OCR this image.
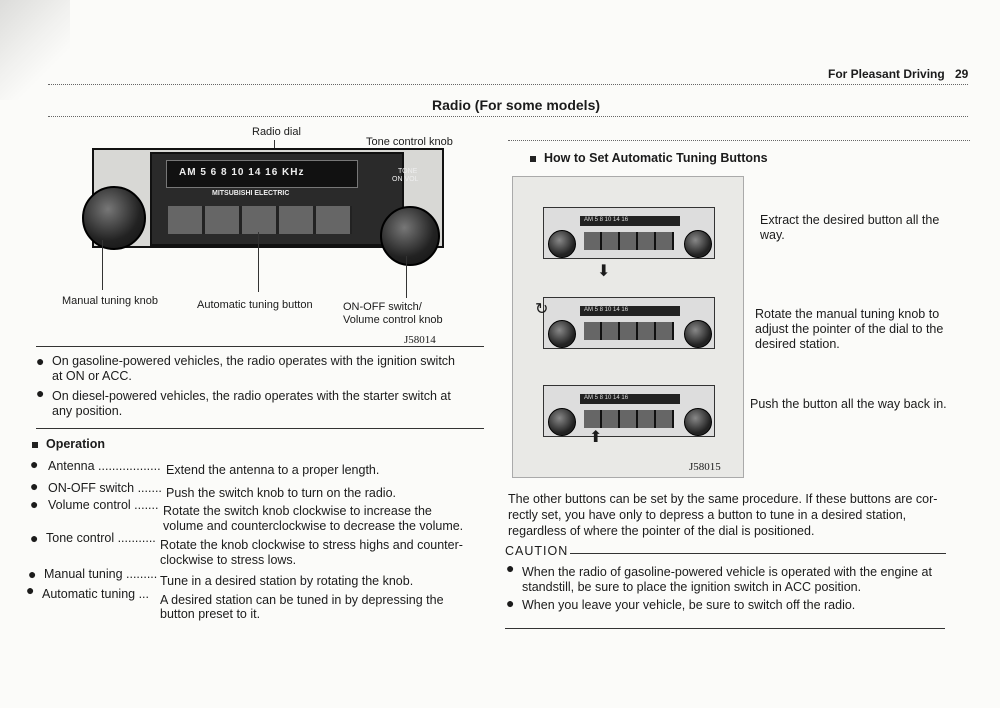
For Pleasant Driving 29
Radio (For some models)
Radio dial
Tone control knob
AM 5 6 8 10 14 16 KHz
MITSUBISHI ELECTRIC
TONE
ON VOL
Manual tuning knob	Automatic tuning button	ON-OFF switch/
Volume control knob
J58014
● On gasoline-powered vehicles, the radio operates with the ignition switch
at ON or ACC.
● On diesel-powered vehicles, the radio operates with the starter switch at
any position.
Operation
● Antenna .................. Extend the antenna to a proper length.
● ON-OFF switch ....... Push the switch knob to turn on the radio.
● Volume control ....... Rotate the switch knob clockwise to increase the
volume and counterclockwise to decrease the volume.
● Tone control ........... Rotate the knob clockwise to stress highs and counter-
clockwise to stress lows.
● Manual tuning ......... Tune in a desired station by rotating the knob.
● Automatic tuning ... A desired station can be tuned in by depressing the
button preset to it.
How to Set Automatic Tuning Buttons
AM 5 8 10 14 16
⬇
AM 5 8 10 14 16
↻
AM 5 8 10 14 16
⬆
J58015
Extract the desired button all the
way.
Rotate the manual tuning knob to
adjust the pointer of the dial to the
desired station.
Push the button all the way back in.
The other buttons can be set by the same procedure. If these buttons are cor-
rectly set, you have only to depress a button to tune in a desired station,
regardless of where the pointer of the dial is positioned.
CAUTION
● When the radio of gasoline-powered vehicle is operated with the engine at
standstill, be sure to place the ignition switch in ACC position.
● When you leave your vehicle, be sure to switch off the radio.
